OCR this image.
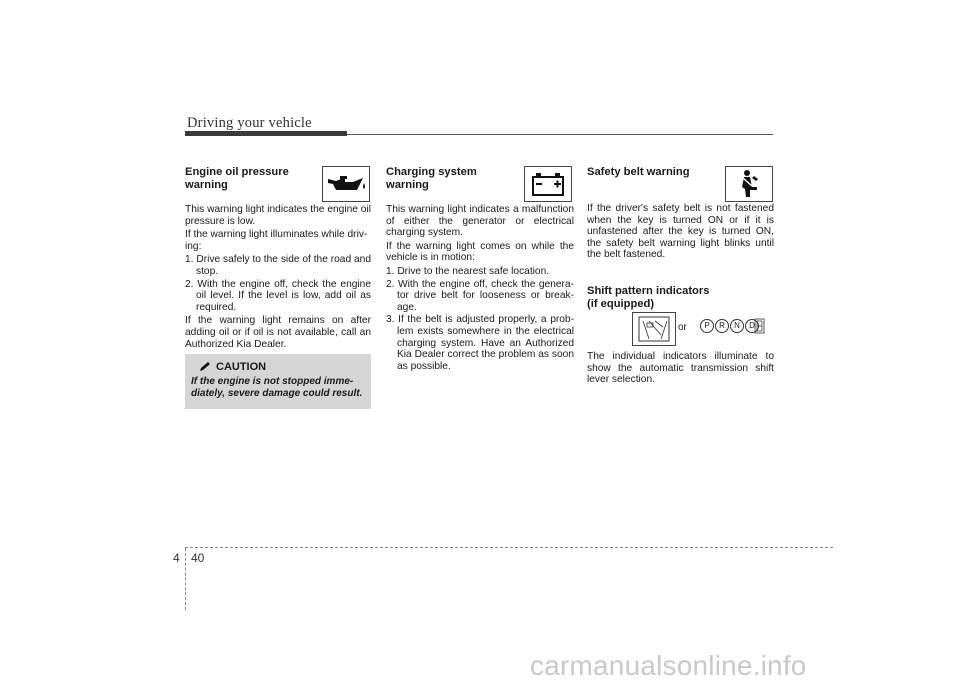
Driving your vehicle
Engine oil pressure
warning

This warning light indicates the engine oil pressure is low.

If the warning light illuminates while driv-ing:

1. Drive safely to the side of the road and stop.
2. With the engine off, check the engine oil level. If the level is low, add oil as required.

If the warning light remains on after adding oil or if oil is not available, call an Authorized Kia Dealer.

CAUTION
If the engine is not stopped imme-diately, severe damage could result.
Charging system
warning

This warning light indicates a malfunction of either the generator or electrical charging system.

If the warning light comes on while the vehicle is in motion:

1. Drive to the nearest safe location.
2. With the engine off, check the genera-tor drive belt for looseness or break-age.
3. If the belt is adjusted properly, a prob-lem exists somewhere in the electrical charging system. Have an Authorized Kia Dealer correct the problem as soon as possible.
Safety belt warning

If the driver's safety belt is not fastened when the key is turned ON or if it is unfastened after the key is turned ON, the safety belt warning light blinks until the belt fastened.

Shift pattern indicators
(if equipped)
or	P	R	N	D
The individual indicators illuminate to show the automatic transmission shift lever selection.
4 40
carmanualsonline.info
